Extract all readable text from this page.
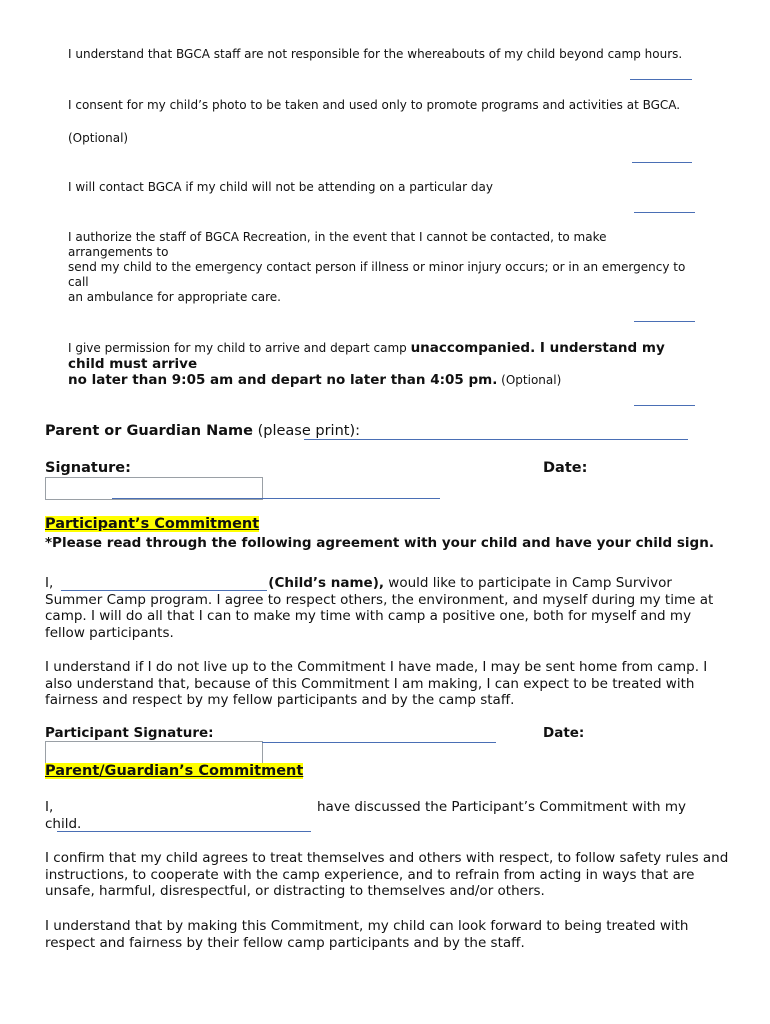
I understand that BGCA staff are not responsible for the whereabouts of my child beyond camp hours.
I consent for my child’s photo to be taken and used only to promote programs and activities at BGCA.
(Optional)
I will contact BGCA if my child will not be attending on a particular day
I authorize the staff of BGCA Recreation, in the event that I cannot be contacted, to make
arrangements to
send my child to the emergency contact person if illness or minor injury occurs; or in an emergency to
call
an ambulance for appropriate care.
I give permission for my child to arrive and depart camp unaccompanied. I understand my
child must arrive
no later than 9:05 am and depart no later than 4:05 pm. (Optional)
Parent or Guardian Name (please print):
Signature:	Date:
Participant’s Commitment
*Please read through the following agreement with your child and have your child sign.
I,	(Child’s name), would like to participate in Camp Survivor Summer Camp program. I agree to respect others, the environment, and myself during my time at camp. I will do all that I can to make my time with camp a positive one, both for myself and my fellow participants.
I understand if I do not live up to the Commitment I have made, I may be sent home from camp. I also understand that, because of this Commitment I am making, I can expect to be treated with fairness and respect by my fellow participants and by the camp staff.
Participant Signature:	Date:
Parent/Guardian’s Commitment
I,	have discussed the Participant’s Commitment with my
child.
I confirm that my child agrees to treat themselves and others with respect, to follow safety rules and instructions, to cooperate with the camp experience, and to refrain from acting in ways that are unsafe, harmful, disrespectful, or distracting to themselves and/or others.
I understand that by making this Commitment, my child can look forward to being treated with respect and fairness by their fellow camp participants and by the staff.
